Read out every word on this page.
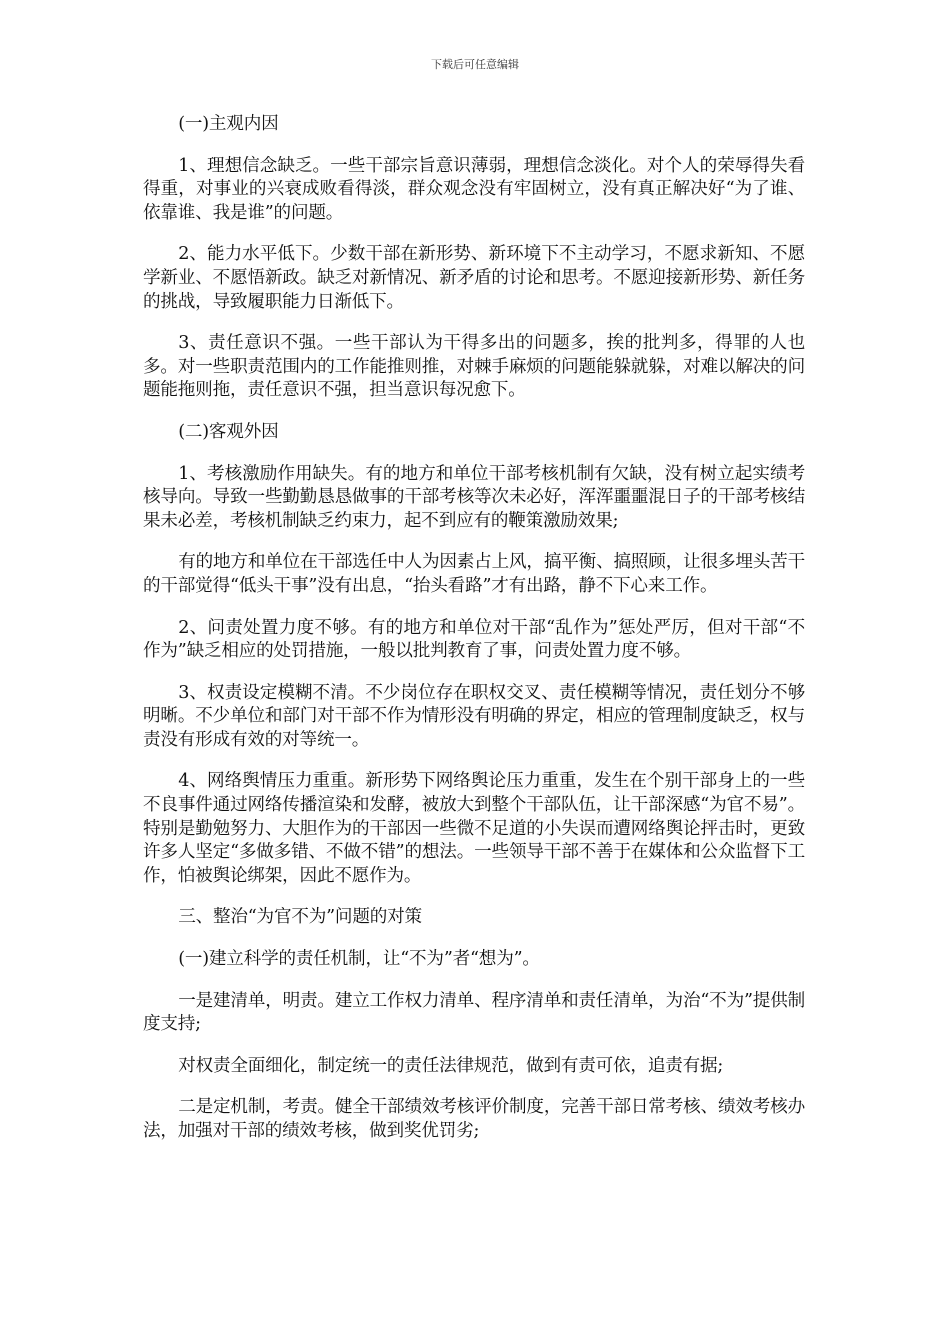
下载后可任意编辑

(一)主观内因

1、理想信念缺乏。一些干部宗旨意识薄弱，理想信念淡化。对个人的荣辱得失看得重，对事业的兴衰成败看得淡，群众观念没有牢固树立，没有真正解决好“为了谁、依靠谁、我是谁”的问题。

2、能力水平低下。少数干部在新形势、新环境下不主动学习，不愿求新知、不愿学新业、不愿悟新政。缺乏对新情况、新矛盾的讨论和思考。不愿迎接新形势、新任务的挑战，导致履职能力日渐低下。

3、责任意识不强。一些干部认为干得多出的问题多，挨的批判多，得罪的人也多。对一些职责范围内的工作能推则推，对棘手麻烦的问题能躲就躲，对难以解决的问题能拖则拖，责任意识不强，担当意识每况愈下。

(二)客观外因

1、考核激励作用缺失。有的地方和单位干部考核机制有欠缺，没有树立起实绩考核导向。导致一些勤勤恳恳做事的干部考核等次未必好，浑浑噩噩混日子的干部考核结果未必差，考核机制缺乏约束力，起不到应有的鞭策激励效果;

有的地方和单位在干部选任中人为因素占上风，搞平衡、搞照顾，让很多埋头苦干的干部觉得“低头干事”没有出息，“抬头看路”才有出路，静不下心来工作。

2、问责处置力度不够。有的地方和单位对干部“乱作为”惩处严厉，但对干部“不作为”缺乏相应的处罚措施，一般以批判教育了事，问责处置力度不够。

3、权责设定模糊不清。不少岗位存在职权交叉、责任模糊等情况，责任划分不够明晰。不少单位和部门对干部不作为情形没有明确的界定，相应的管理制度缺乏，权与责没有形成有效的对等统一。

4、网络舆情压力重重。新形势下网络舆论压力重重，发生在个别干部身上的一些不良事件通过网络传播渲染和发酵，被放大到整个干部队伍，让干部深感“为官不易”。特别是勤勉努力、大胆作为的干部因一些微不足道的小失误而遭网络舆论抨击时，更致许多人坚定“多做多错、不做不错”的想法。一些领导干部不善于在媒体和公众监督下工作，怕被舆论绑架，因此不愿作为。

三、整治“为官不为”问题的对策

(一)建立科学的责任机制，让“不为”者“想为”。

一是建清单，明责。建立工作权力清单、程序清单和责任清单，为治“不为”提供制度支持;

对权责全面细化，制定统一的责任法律规范，做到有责可依，追责有据;

二是定机制，考责。健全干部绩效考核评价制度，完善干部日常考核、绩效考核办法，加强对干部的绩效考核，做到奖优罚劣;
